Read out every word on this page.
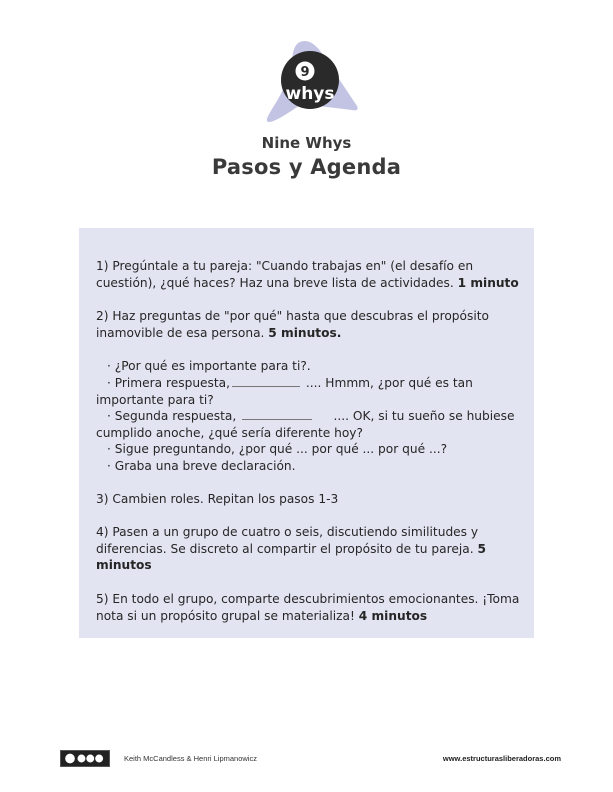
9
whys
Nine Whys
Pasos y Agenda

1) Pregúntale a tu pareja: "Cuando trabajas en" (el desafío en cuestión), ¿qué haces? Haz una breve lista de actividades. 1 minuto

2) Haz preguntas de "por qué" hasta que descubras el propósito inamovible de esa persona. 5 minutos.

· ¿Por qué es importante para ti?.

· Primera respuesta,	.... Hmmm, ¿por qué es tan
importante para ti?

· Segunda respuesta,	.... OK, si tu sueño se hubiese
cumplido anoche, ¿qué sería diferente hoy?

· Sigue preguntando, ¿por qué ... por qué ... por qué ...?

· Graba una breve declaración.

3) Cambien roles. Repitan los pasos 1-3

4) Pasen a un grupo de cuatro o seis, discutiendo similitudes y diferencias. Se discreto al compartir el propósito de tu pareja. 5 minutos

5) En todo el grupo, comparte descubrimientos emocionantes. ¡Toma nota si un propósito grupal se materializa! 4 minutos

Keith McCandless & Henri Lipmanowicz	www.estructurasliberadoras.com
